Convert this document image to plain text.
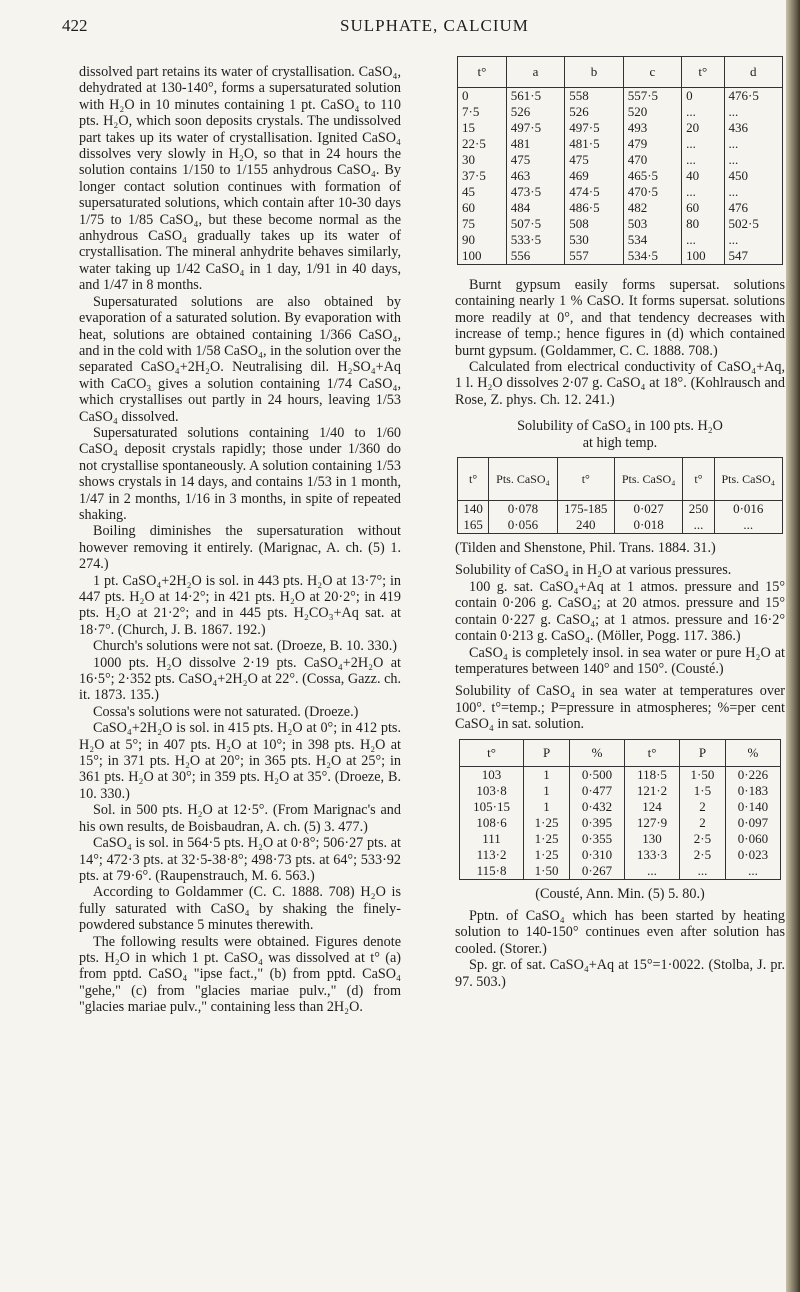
422	SULPHATE, CALCIUM

dissolved part retains its water of crystallisation. CaSO₄, dehydrated at 130-140°, forms a supersaturated solution with H₂O in 10 minutes containing 1 pt. CaSO₄ to 110 pts. H₂O, which soon deposits crystals. The undissolved part takes up its water of crystallisation. Ignited CaSO₄ dissolves very slowly in H₂O, so that in 24 hours the solution contains 1/150 to 1/155 anhydrous CaSO₄. By longer contact solution continues with formation of supersaturated solutions, which contain after 10-30 days 1/75 to 1/85 CaSO₄, but these become normal as the anhydrous CaSO₄ gradually takes up its water of crystallisation. The mineral anhydrite behaves similarly, water taking up 1/42 CaSO₄ in 1 day, 1/91 in 40 days, and 1/47 in 8 months.

Supersaturated solutions are also obtained by evaporation of a saturated solution. By evaporation with heat, solutions are obtained containing 1/366 CaSO₄, and in the cold with 1/58 CaSO₄, in the solution over the separated CaSO₄+2H₂O. Neutralising dil. H₂SO₄+Aq with CaCO₃ gives a solution containing 1/74 CaSO₄, which crystallises out partly in 24 hours, leaving 1/53 CaSO₄ dissolved.

Supersaturated solutions containing 1/40 to 1/60 CaSO₄ deposit crystals rapidly; those under 1/360 do not crystallise spontaneously. A solution containing 1/53 shows crystals in 14 days, and contains 1/53 in 1 month, 1/47 in 2 months, 1/16 in 3 months, in spite of repeated shaking.

Boiling diminishes the supersaturation without however removing it entirely. (Marignac, A. ch. (5) 1. 274.)

1 pt. CaSO₄+2H₂O is sol. in 443 pts. H₂O at 13·7°; in 447 pts. H₂O at 14·2°; in 421 pts. H₂O at 20·2°; in 419 pts. H₂O at 21·2°; and in 445 pts. H₂CO₃+Aq sat. at 18·7°. (Church, J. B. 1867. 192.)

Church's solutions were not sat. (Droeze, B. 10. 330.)

1000 pts. H₂O dissolve 2·19 pts. CaSO₄+2H₂O at 16·5°; 2·352 pts. CaSO₄+2H₂O at 22°. (Cossa, Gazz. ch. it. 1873. 135.)

Cossa's solutions were not saturated. (Droeze.)

CaSO₄+2H₂O is sol. in 415 pts. H₂O at 0°; in 412 pts. H₂O at 5°; in 407 pts. H₂O at 10°; in 398 pts. H₂O at 15°; in 371 pts. H₂O at 20°; in 365 pts. H₂O at 25°; in 361 pts. H₂O at 30°; in 359 pts. H₂O at 35°. (Droeze, B. 10. 330.)

Sol. in 500 pts. H₂O at 12·5°. (From Marignac's and his own results, de Boisbaudran, A. ch. (5) 3. 477.)

CaSO₄ is sol. in 564·5 pts. H₂O at 0·8°; 506·27 pts. at 14°; 472·3 pts. at 32·5-38·8°; 498·73 pts. at 64°; 533·92 pts. at 79·6°. (Raupenstrauch, M. 6. 563.)

According to Goldammer (C. C. 1888. 708) H₂O is fully saturated with CaSO₄ by shaking the finely-powdered substance 5 minutes therewith.

The following results were obtained. Figures denote pts. H₂O in which 1 pt. CaSO₄ was dissolved at t° (a) from pptd. CaSO₄ "ipse fact.," (b) from pptd. CaSO₄ "gehe," (c) from "glacies mariae pulv.," (d) from "glacies mariae pulv.," containing less than 2H₂O.

t°	a	b	c	t°	d
0	561·5	558	557·5	0	476·5
7·5	526	526	520	...	...
15	497·5	497·5	493	20	436
22·5	481	481·5	479	...	...
30	475	475	470	...	...
37·5	463	469	465·5	40	450
45	473·5	474·5	470·5	...	...
60	484	486·5	482	60	476
75	507·5	508	503	80	502·5
90	533·5	530	534	...	...
100	556	557	534·5	100	547

Burnt gypsum easily forms supersat. solutions containing nearly 1 % CaSO. It forms supersat. solutions more readily at 0°, and that tendency decreases with increase of temp.; hence figures in (d) which contained burnt gypsum. (Goldammer, C. C. 1888. 708.)

Calculated from electrical conductivity of CaSO₄+Aq, 1 l. H₂O dissolves 2·07 g. CaSO₄ at 18°. (Kohlrausch and Rose, Z. phys. Ch. 12. 241.)

Solubility of CaSO₄ in 100 pts. H₂O

at high temp.

t°	Pts. CaSO₄	t°	Pts. CaSO₄	t°	Pts. CaSO₄
140	0·078	175-185	0·027	250	0·016
165	0·056	240	0·018	...	...

(Tilden and Shenstone, Phil. Trans. 1884. 31.)

Solubility of CaSO₄ in H₂O at various pressures.

100 g. sat. CaSO₄+Aq at 1 atmos. pressure and 15° contain 0·206 g. CaSO₄; at 20 atmos. pressure and 15° contain 0·227 g. CaSO₄; at 1 atmos. pressure and 16·2° contain 0·213 g. CaSO₄. (Möller, Pogg. 117. 386.)

CaSO₄ is completely insol. in sea water or pure H₂O at temperatures between 140° and 150°. (Cousté.)

Solubility of CaSO₄ in sea water at temperatures over 100°. t°=temp.; P=pressure in atmospheres; %=per cent CaSO₄ in sat. solution.

t°	P	%	t°	P	%
103	1	0·500	118·5	1·50	0·226
103·8	1	0·477	121·2	1·5	0·183
105·15	1	0·432	124	2	0·140
108·6	1·25	0·395	127·9	2	0·097
111	1·25	0·355	130	2·5	0·060
113·2	1·25	0·310	133·3	2·5	0·023
115·8	1·50	0·267	...	...	...

(Cousté, Ann. Min. (5) 5. 80.)

Pptn. of CaSO₄ which has been started by heating solution to 140-150° continues even after solution has cooled. (Storer.)

Sp. gr. of sat. CaSO₄+Aq at 15°=1·0022. (Stolba, J. pr. 97. 503.)
